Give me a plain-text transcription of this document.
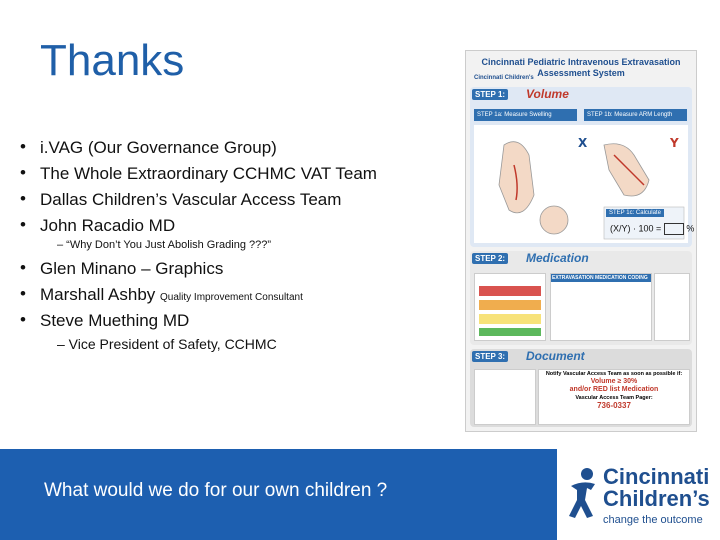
Thanks
• i.VAG (Our Governance Group)
• The Whole Extraordinary CCHMC VAT Team
• Dallas Children’s Vascular Access Team
• John Racadio MD
– “Why Don’t You Just Abolish Grading ???”
• Glen Minano – Graphics
• Marshall Ashby Quality Improvement Consultant
• Steve Muething MD
– Vice President of Safety, CCHMC
Cincinnati Pediatric Intravenous Extravasation
Assessment System
Cincinnati Children's
STEP 1: Volume
STEP 1a: Measure Swelling	STEP 1b: Measure ARM Length
X	Y
STEP 1c: Calculate
(X/Y) · 100 =	%
STEP 2: Medication
EXTRAVASATION MEDICATION CODING
STEP 3: Document
Notify Vascular Access Team as soon as possible if:
Volume ≥ 30%
and/or RED list Medication
Vascular Access Team Pager:
736-0337
What would we do for our own children ?
Cincinnati
Children’s
change the outcome
